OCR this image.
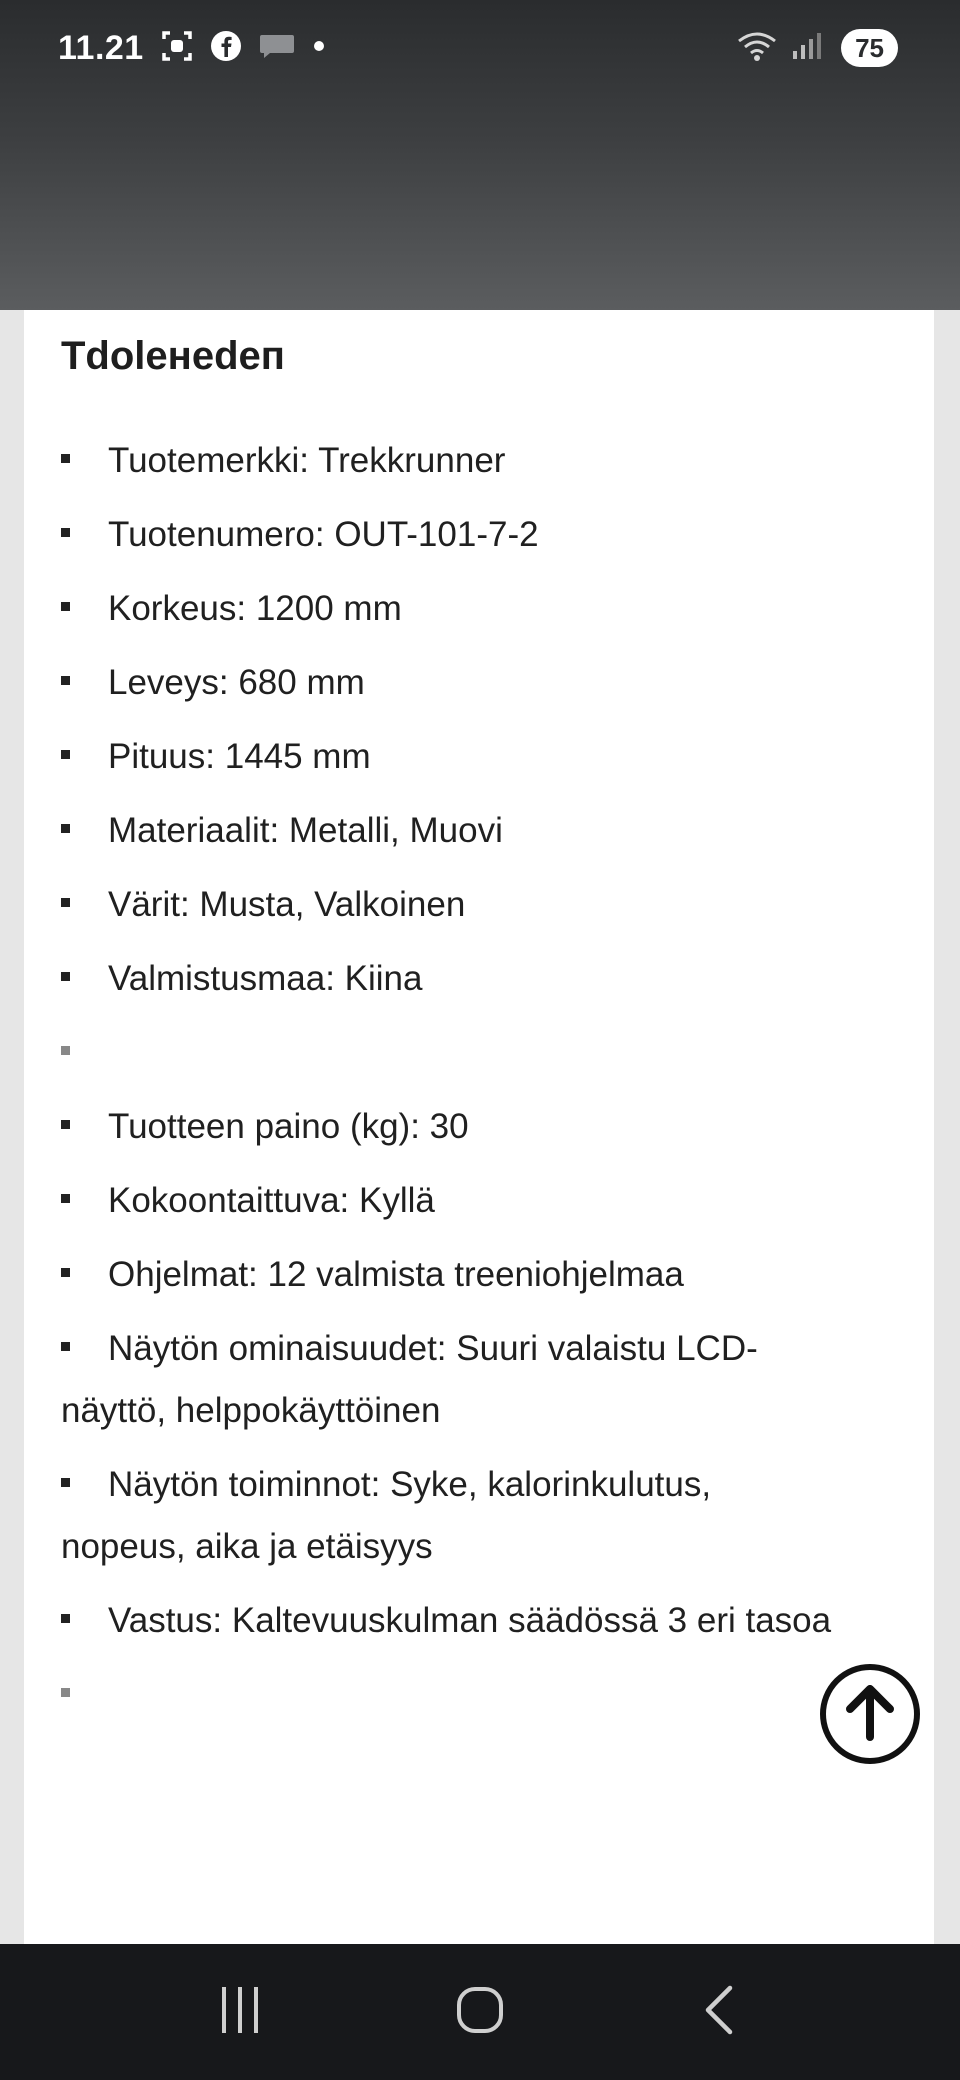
11.21	75
Tdoleнedeп
Tuotemerkki: Trekkrunner
Tuotenumero: OUT-101-7-2
Korkeus: 1200 mm
Leveys: 680 mm
Pituus: 1445 mm
Materiaalit: Metalli, Muovi
Värit: Musta, Valkoinen
Valmistusmaa: Kiina
Tuotteen paino (kg): 30
Kokoontaittuva: Kyllä
Ohjelmat: 12 valmista treeniohjelmaa
Näytön ominaisuudet: Suuri valaistu LCD-näyttö, helppokäyttöinen
Näytön toiminnot: Syke, kalorinkulutus, nopeus, aika ja etäisyys
Vastus: Kaltevuuskulman säädössä 3 eri tasoa
